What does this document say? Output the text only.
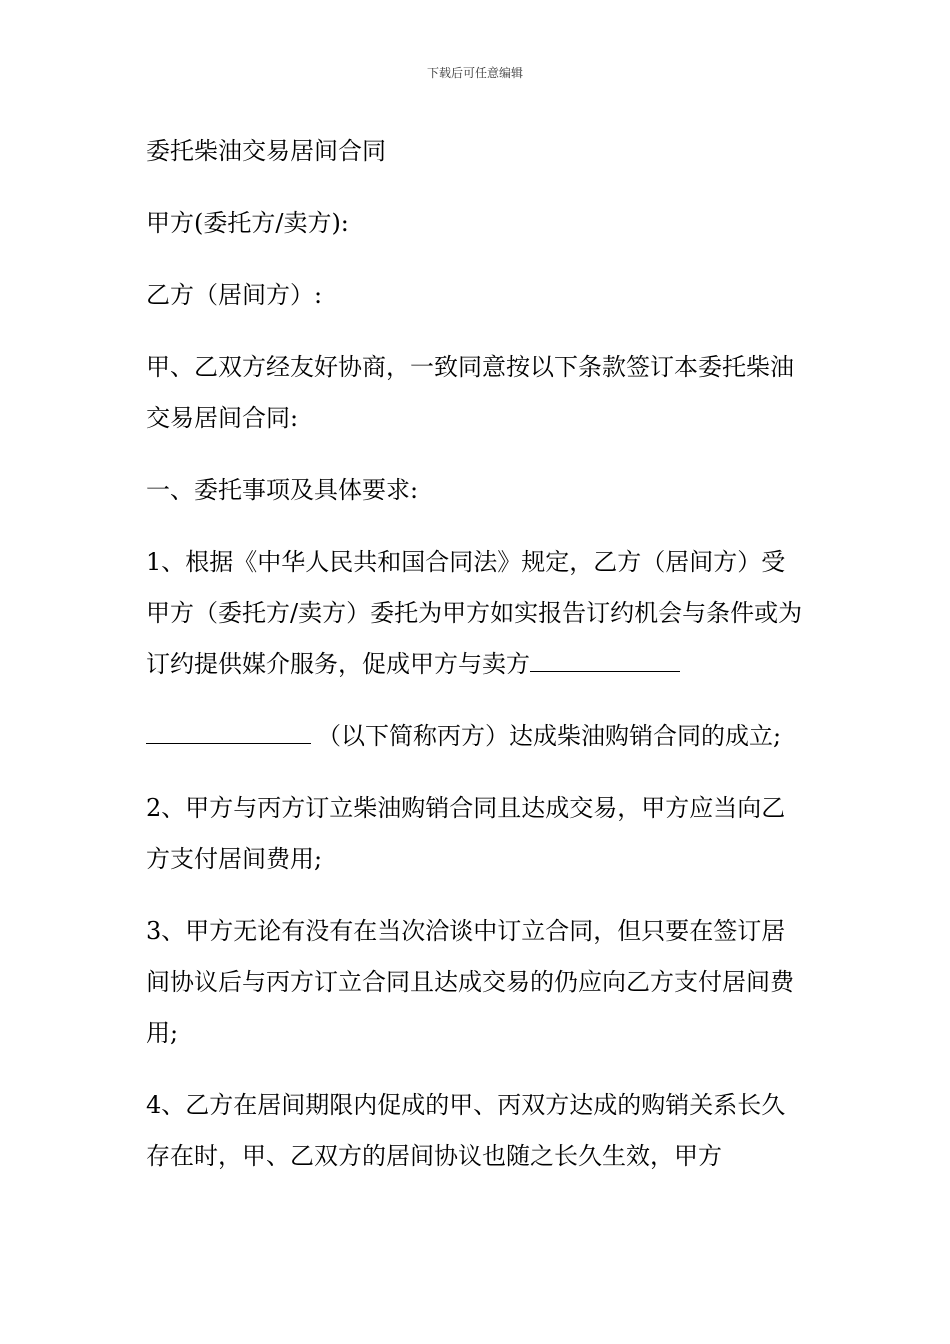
下载后可任意编辑

委托柴油交易居间合同

甲方(委托方/卖方):

乙方（居间方）:

甲、乙双方经友好协商，一致同意按以下条款签订本委托柴油交易居间合同:

一、委托事项及具体要求:

1、根据《中华人民共和国合同法》规定，乙方（居间方）受甲方（委托方/卖方）委托为甲方如实报告订约机会与条件或为订约提供媒介服务，促成甲方与卖方

（以下简称丙方）达成柴油购销合同的成立;

2、甲方与丙方订立柴油购销合同且达成交易，甲方应当向乙方支付居间费用;

3、甲方无论有没有在当次洽谈中订立合同，但只要在签订居间协议后与丙方订立合同且达成交易的仍应向乙方支付居间费用;

4、乙方在居间期限内促成的甲、丙双方达成的购销关系长久存在时，甲、乙双方的居间协议也随之长久生效，甲方
